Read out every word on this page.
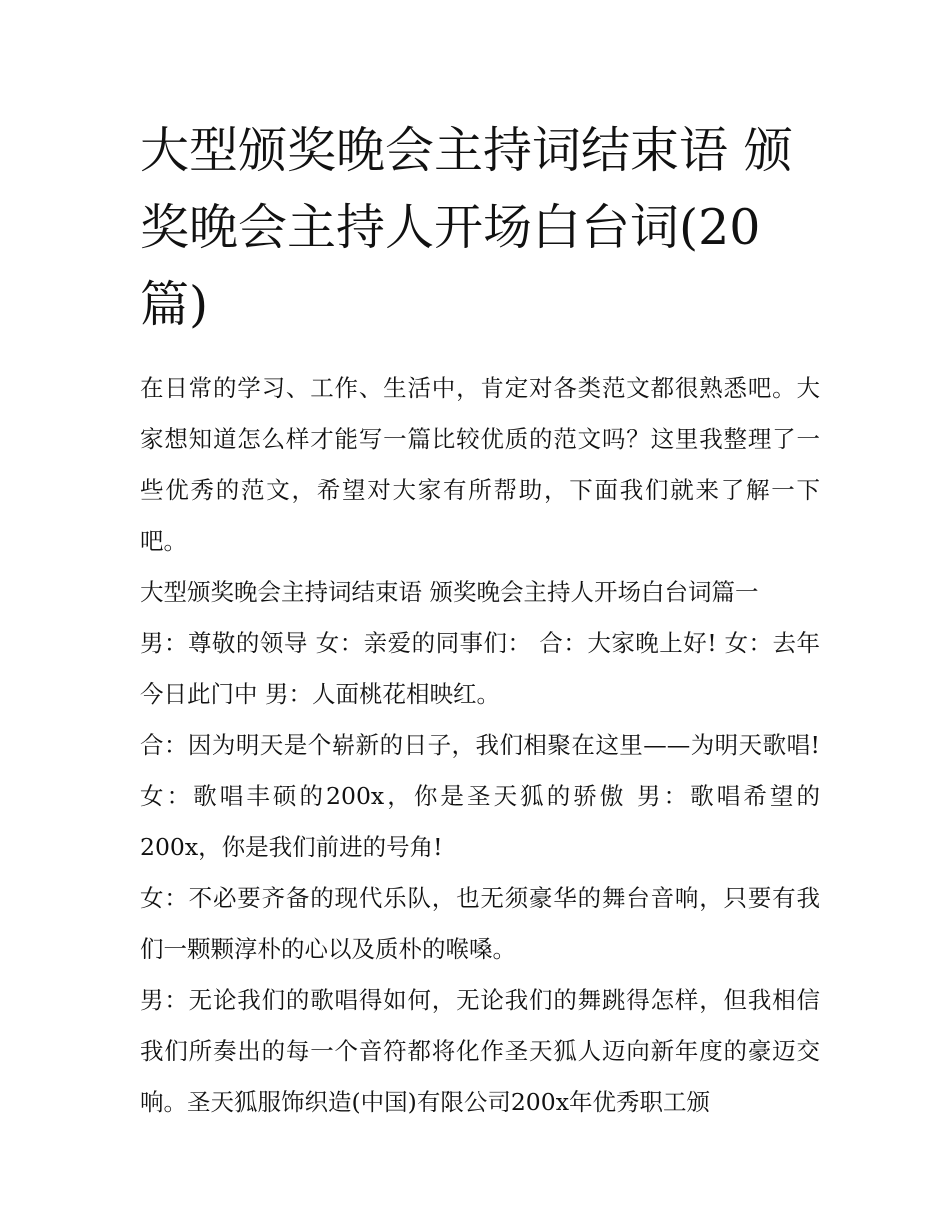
大型颁奖晚会主持词结束语 颁奖晚会主持人开场白台词(20篇)

在日常的学习、工作、生活中，肯定对各类范文都很熟悉吧。大家想知道怎么样才能写一篇比较优质的范文吗？这里我整理了一些优秀的范文，希望对大家有所帮助，下面我们就来了解一下吧。

大型颁奖晚会主持词结束语 颁奖晚会主持人开场白台词篇一

男：尊敬的领导 女：亲爱的同事们： 合：大家晚上好! 女：去年今日此门中 男：人面桃花相映红。

合：因为明天是个崭新的日子，我们相聚在这里——为明天歌唱! 女：歌唱丰硕的200x，你是圣天狐的骄傲 男：歌唱希望的200x，你是我们前进的号角!

女：不必要齐备的现代乐队，也无须豪华的舞台音响，只要有我们一颗颗淳朴的心以及质朴的喉嗓。

男：无论我们的歌唱得如何，无论我们的舞跳得怎样，但我相信我们所奏出的每一个音符都将化作圣天狐人迈向新年度的豪迈交响。圣天狐服饰织造(中国)有限公司200x年优秀职工颁
